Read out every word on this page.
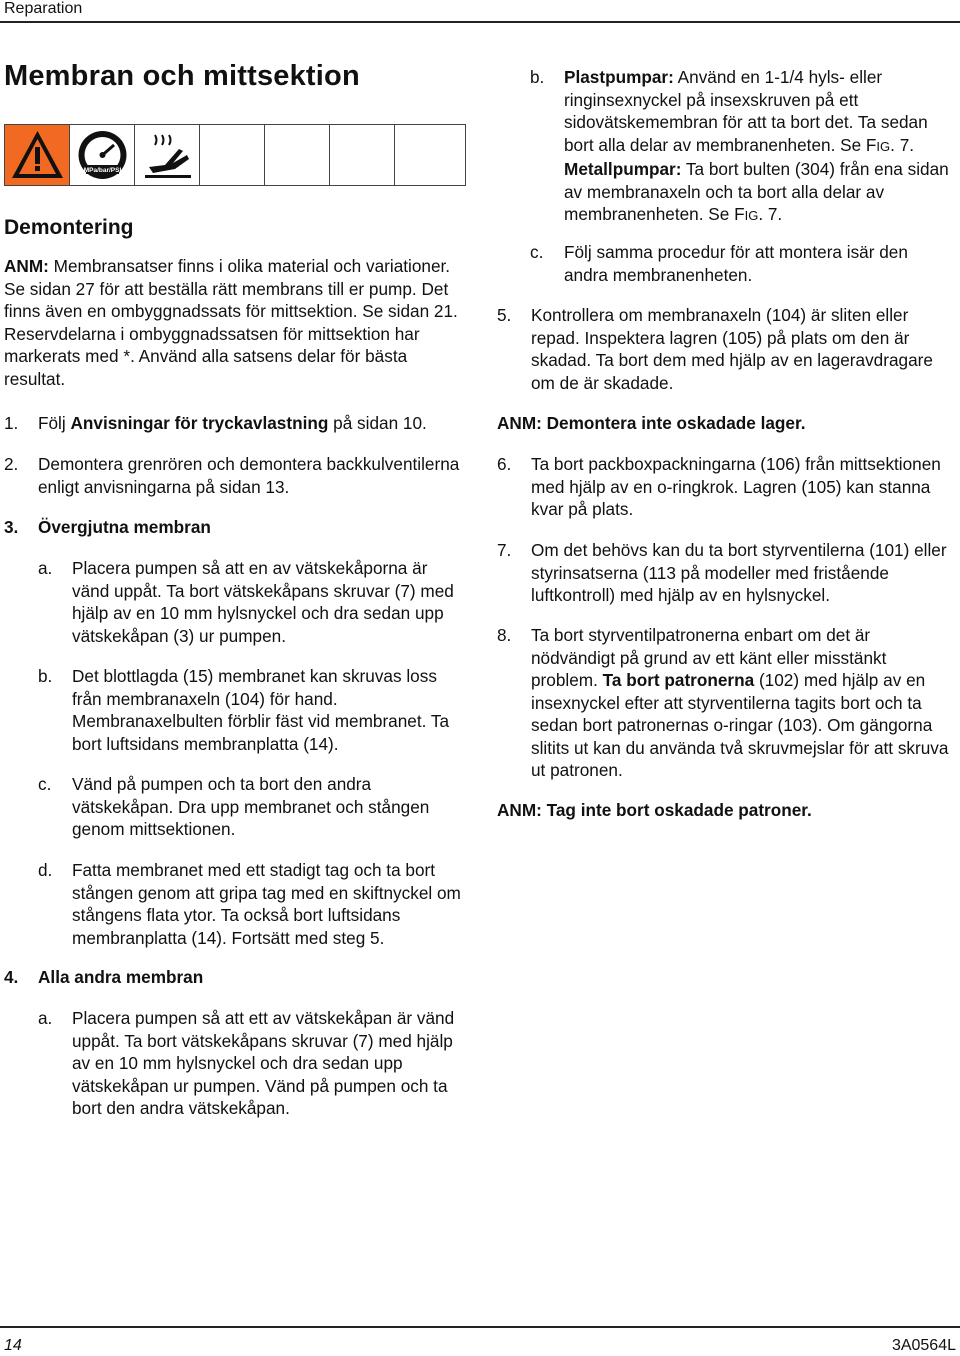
Reparation
Membran och mittsektion
MPa/bar/PSI
Demontering
ANM: Membransatser finns i olika material och variationer. Se sidan 27 för att beställa rätt membrans till er pump. Det finns även en ombyggnadssats för mittsektion. Se sidan 21. Reservdelarna i ombyggnadssatsen för mittsektion har markerats med *. Använd alla satsens delar för bästa resultat.
1.	Följ Anvisningar för tryckavlastning på sidan 10.
2.	Demontera grenrören och demontera backkulventilerna enligt anvisningarna på sidan 13.
3.	Övergjutna membran
a.	Placera pumpen så att en av vätskekåporna är vänd uppåt. Ta bort vätskekåpans skruvar (7) med hjälp av en 10 mm hylsnyckel och dra sedan upp vätskekåpan (3) ur pumpen.
b.	Det blottlagda (15) membranet kan skruvas loss från membranaxeln (104) för hand. Membranaxelbulten förblir fäst vid membranet. Ta bort luftsidans membranplatta (14).
c.	Vänd på pumpen och ta bort den andra vätskekåpan. Dra upp membranet och stången genom mittsektionen.
d.	Fatta membranet med ett stadigt tag och ta bort stången genom att gripa tag med en skiftnyckel om stångens flata ytor. Ta också bort luftsidans membranplatta (14). Fortsätt med steg 5.
4.	Alla andra membran
a.	Placera pumpen så att ett av vätskekåpan är vänd uppåt. Ta bort vätskekåpans skruvar (7) med hjälp av en 10 mm hylsnyckel och dra sedan upp vätskekåpan ur pumpen. Vänd på pumpen och ta bort den andra vätskekåpan.
b.	Plastpumpar: Använd en 1-1/4 hyls- eller ringinsexnyckel på insexskruven på ett sidovätskemembran för att ta bort det. Ta sedan bort alla delar av membranenheten. Se FIG. 7. Metallpumpar: Ta bort bulten (304) från ena sidan av membranaxeln och ta bort alla delar av membranenheten. Se FIG. 7.
c.	Följ samma procedur för att montera isär den andra membranenheten.
5.	Kontrollera om membranaxeln (104) är sliten eller repad. Inspektera lagren (105) på plats om den är skadad. Ta bort dem med hjälp av en lageravdragare om de är skadade.
ANM: Demontera inte oskadade lager.
6.	Ta bort packboxpackningarna (106) från mittsektionen med hjälp av en o-ringkrok. Lagren (105) kan stanna kvar på plats.
7.	Om det behövs kan du ta bort styrventilerna (101) eller styrinsatserna (113 på modeller med fristående luftkontroll) med hjälp av en hylsnyckel.
8.	Ta bort styrventilpatronerna enbart om det är nödvändigt på grund av ett känt eller misstänkt problem. Ta bort patronerna (102) med hjälp av en insexnyckel efter att styrventilerna tagits bort och ta sedan bort patronernas o-ringar (103). Om gängorna slitits ut kan du använda två skruvmejslar för att skruva ut patronen.
ANM: Tag inte bort oskadade patroner.
14	3A0564L
